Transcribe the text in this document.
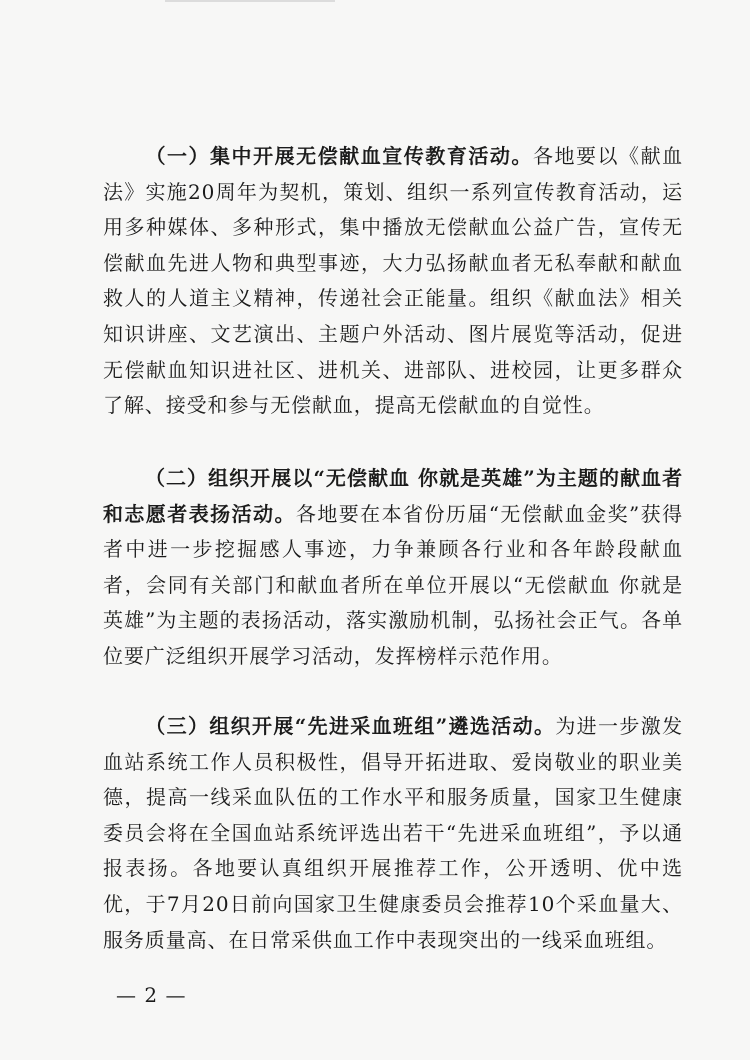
  （一）集中开展无偿献血宣传教育活动。各地要以《献血法》实施20周年为契机，策划、组织一系列宣传教育活动，运用多种媒体、多种形式，集中播放无偿献血公益广告，宣传无偿献血先进人物和典型事迹，大力弘扬献血者无私奉献和献血救人的人道主义精神，传递社会正能量。组织《献血法》相关知识讲座、文艺演出、主题户外活动、图片展览等活动，促进无偿献血知识进社区、进机关、进部队、进校园，让更多群众了解、接受和参与无偿献血，提高无偿献血的自觉性。

  （二）组织开展以“无偿献血 你就是英雄”为主题的献血者和志愿者表扬活动。各地要在本省份历届“无偿献血金奖”获得者中进一步挖掘感人事迹，力争兼顾各行业和各年龄段献血者，会同有关部门和献血者所在单位开展以“无偿献血 你就是英雄”为主题的表扬活动，落实激励机制，弘扬社会正气。各单位要广泛组织开展学习活动，发挥榜样示范作用。

  （三）组织开展“先进采血班组”遴选活动。为进一步激发血站系统工作人员积极性，倡导开拓进取、爱岗敬业的职业美德，提高一线采血队伍的工作水平和服务质量，国家卫生健康委员会将在全国血站系统评选出若干“先进采血班组”，予以通报表扬。各地要认真组织开展推荐工作，公开透明、优中选优，于7月20日前向国家卫生健康委员会推荐10个采血量大、服务质量高、在日常采供血工作中表现突出的一线采血班组。

— 2 —
